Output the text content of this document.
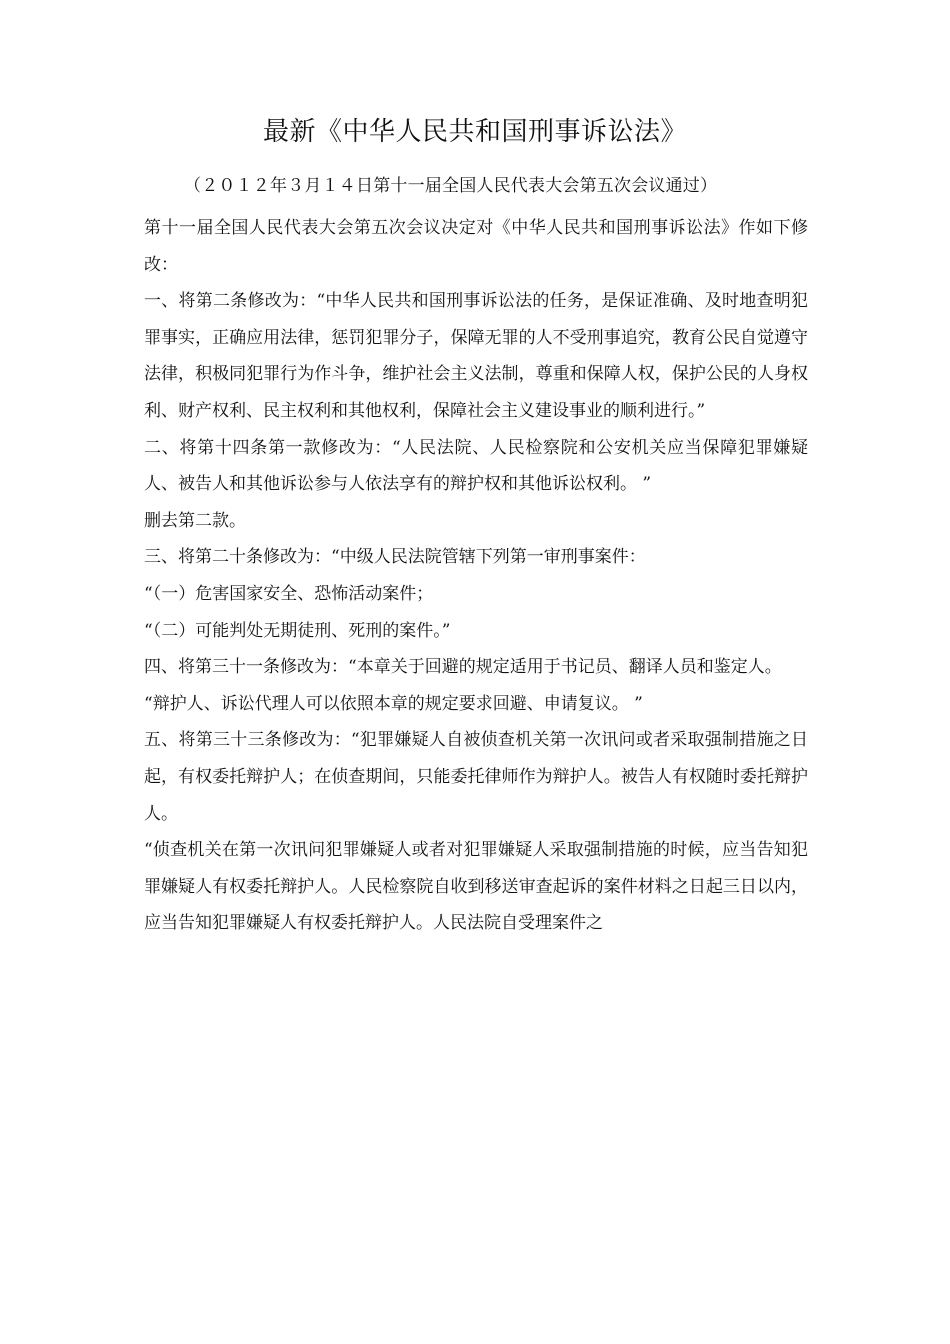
最新《中华人民共和国刑事诉讼法》
（２０１２年３月１４日第十一届全国人民代表大会第五次会议通过）

第十一届全国人民代表大会第五次会议决定对《中华人民共和国刑事诉讼法》作如下修改：

一、将第二条修改为：“中华人民共和国刑事诉讼法的任务，是保证准确、及时地查明犯罪事实，正确应用法律，惩罚犯罪分子，保障无罪的人不受刑事追究，教育公民自觉遵守法律，积极同犯罪行为作斗争，维护社会主义法制，尊重和保障人权，保护公民的人身权利、财产权利、民主权利和其他权利，保障社会主义建设事业的顺利进行。”

二、将第十四条第一款修改为：“人民法院、人民检察院和公安机关应当保障犯罪嫌疑人、被告人和其他诉讼参与人依法享有的辩护权和其他诉讼权利。 ”

删去第二款。

三、将第二十条修改为：“中级人民法院管辖下列第一审刑事案件：

“（一）危害国家安全、恐怖活动案件；

“（二）可能判处无期徒刑、死刑的案件。”

四、将第三十一条修改为：“本章关于回避的规定适用于书记员、翻译人员和鉴定人。

“辩护人、诉讼代理人可以依照本章的规定要求回避、申请复议。 ”

五、将第三十三条修改为：“犯罪嫌疑人自被侦查机关第一次讯问或者采取强制措施之日起，有权委托辩护人；在侦查期间，只能委托律师作为辩护人。被告人有权随时委托辩护人。

“侦查机关在第一次讯问犯罪嫌疑人或者对犯罪嫌疑人采取强制措施的时候，应当告知犯罪嫌疑人有权委托辩护人。人民检察院自收到移送审查起诉的案件材料之日起三日以内，应当告知犯罪嫌疑人有权委托辩护人。人民法院自受理案件之
